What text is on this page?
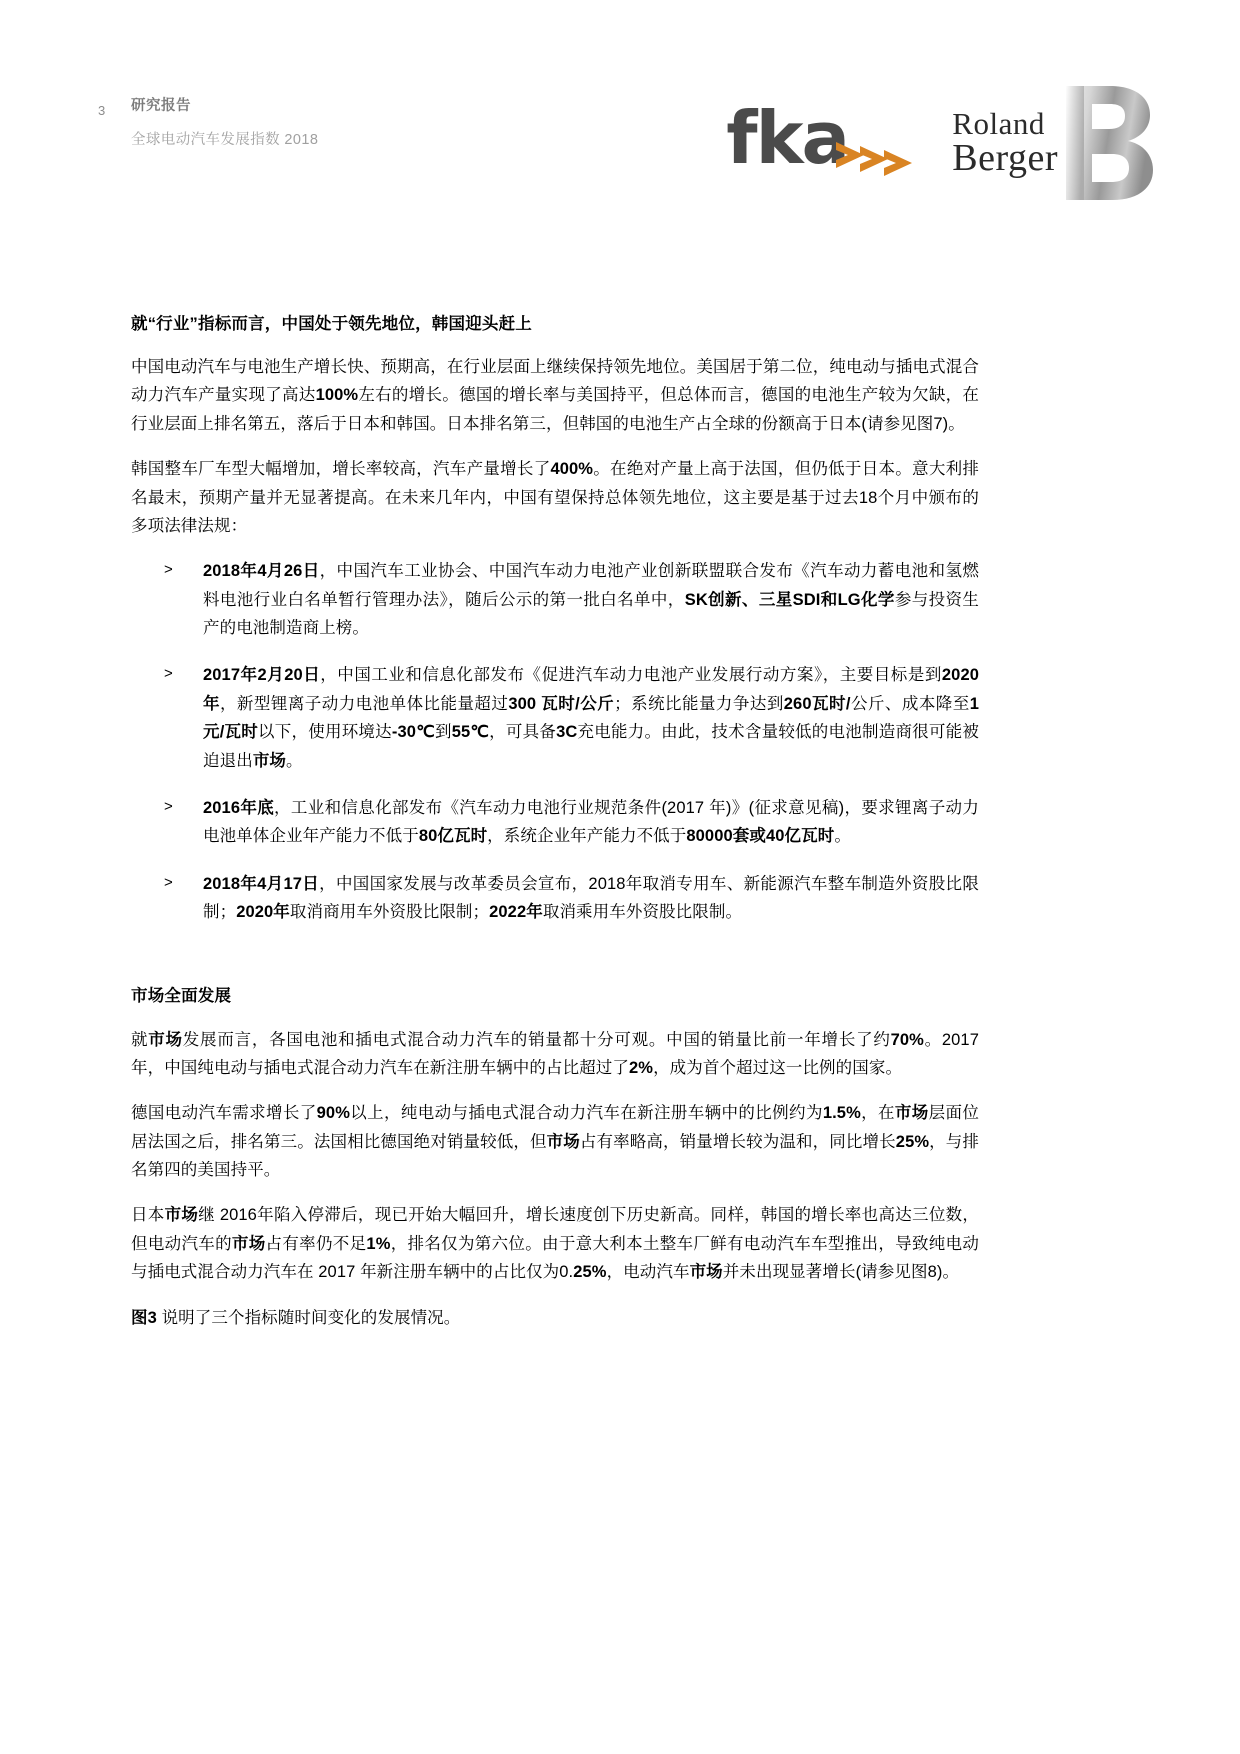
3 研究报告
全球电动汽车发展指数 2018	fka	Roland
Berger
就“行业”指标而言，中国处于领先地位，韩国迎头赶上

中国电动汽车与电池生产增长快、预期高，在行业层面上继续保持领先地位。美国居于第二位，纯电动与插电式混合动力汽车产量实现了高达100%左右的增长。德国的增长率与美国持平，但总体而言，德国的电池生产较为欠缺，在行业层面上排名第五，落后于日本和韩国。日本排名第三，但韩国的电池生产占全球的份额高于日本(请参见图7)。

韩国整车厂车型大幅增加，增长率较高，汽车产量增长了400%。在绝对产量上高于法国，但仍低于日本。意大利排名最末，预期产量并无显著提高。在未来几年内，中国有望保持总体领先地位，这主要是基于过去18个月中颁布的多项法律法规：

> 2018年4月26日，中国汽车工业协会、中国汽车动力电池产业创新联盟联合发布《汽车动力蓄电池和氢燃料电池行业白名单暂行管理办法》，随后公示的第一批白名单中，SK创新、三星SDI和LG化学参与投资生产的电池制造商上榜。
> 2017年2月20日，中国工业和信息化部发布《促进汽车动力电池产业发展行动方案》，主要目标是到2020年，新型锂离子动力电池单体比能量超过300 瓦时/公斤；系统比能量力争达到260瓦时/公斤、成本降至1元/瓦时以下，使用环境达-30℃到55℃，可具备3C充电能力。由此，技术含量较低的电池制造商很可能被迫退出市场。
> 2016年底，工业和信息化部发布《汽车动力电池行业规范条件(2017 年)》(征求意见稿)，要求锂离子动力电池单体企业年产能力不低于80亿瓦时，系统企业年产能力不低于80000套或40亿瓦时。
> 2018年4月17日，中国国家发展与改革委员会宣布，2018年取消专用车、新能源汽车整车制造外资股比限制；2020年取消商用车外资股比限制；2022年取消乘用车外资股比限制。
市场全面发展

就市场发展而言，各国电池和插电式混合动力汽车的销量都十分可观。中国的销量比前一年增长了约70%。2017 年，中国纯电动与插电式混合动力汽车在新注册车辆中的占比超过了2%，成为首个超过这一比例的国家。

德国电动汽车需求增长了90%以上，纯电动与插电式混合动力汽车在新注册车辆中的比例约为1.5%，在市场层面位居法国之后，排名第三。法国相比德国绝对销量较低，但市场占有率略高，销量增长较为温和，同比增长25%，与排名第四的美国持平。

日本市场继 2016年陷入停滞后，现已开始大幅回升，增长速度创下历史新高。同样，韩国的增长率也高达三位数，但电动汽车的市场占有率仍不足1%，排名仅为第六位。由于意大利本土整车厂鲜有电动汽车车型推出，导致纯电动与插电式混合动力汽车在 2017 年新注册车辆中的占比仅为0.25%，电动汽车市场并未出现显著增长(请参见图8)。

图3 说明了三个指标随时间变化的发展情况。
